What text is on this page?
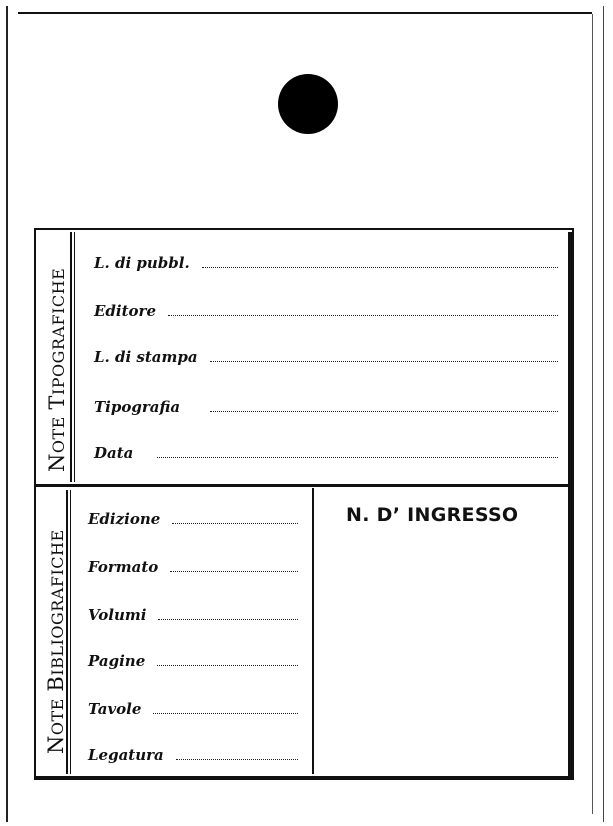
NOTE TIPOGRAFICHE
NOTE BIBLIOGRAFICHE
L. di pubbl.
Editore
L. di stampa
Tipografia
Data
Edizione
Formato
Volumi
Pagine
Tavole
Legatura
N. D’ INGRESSO
